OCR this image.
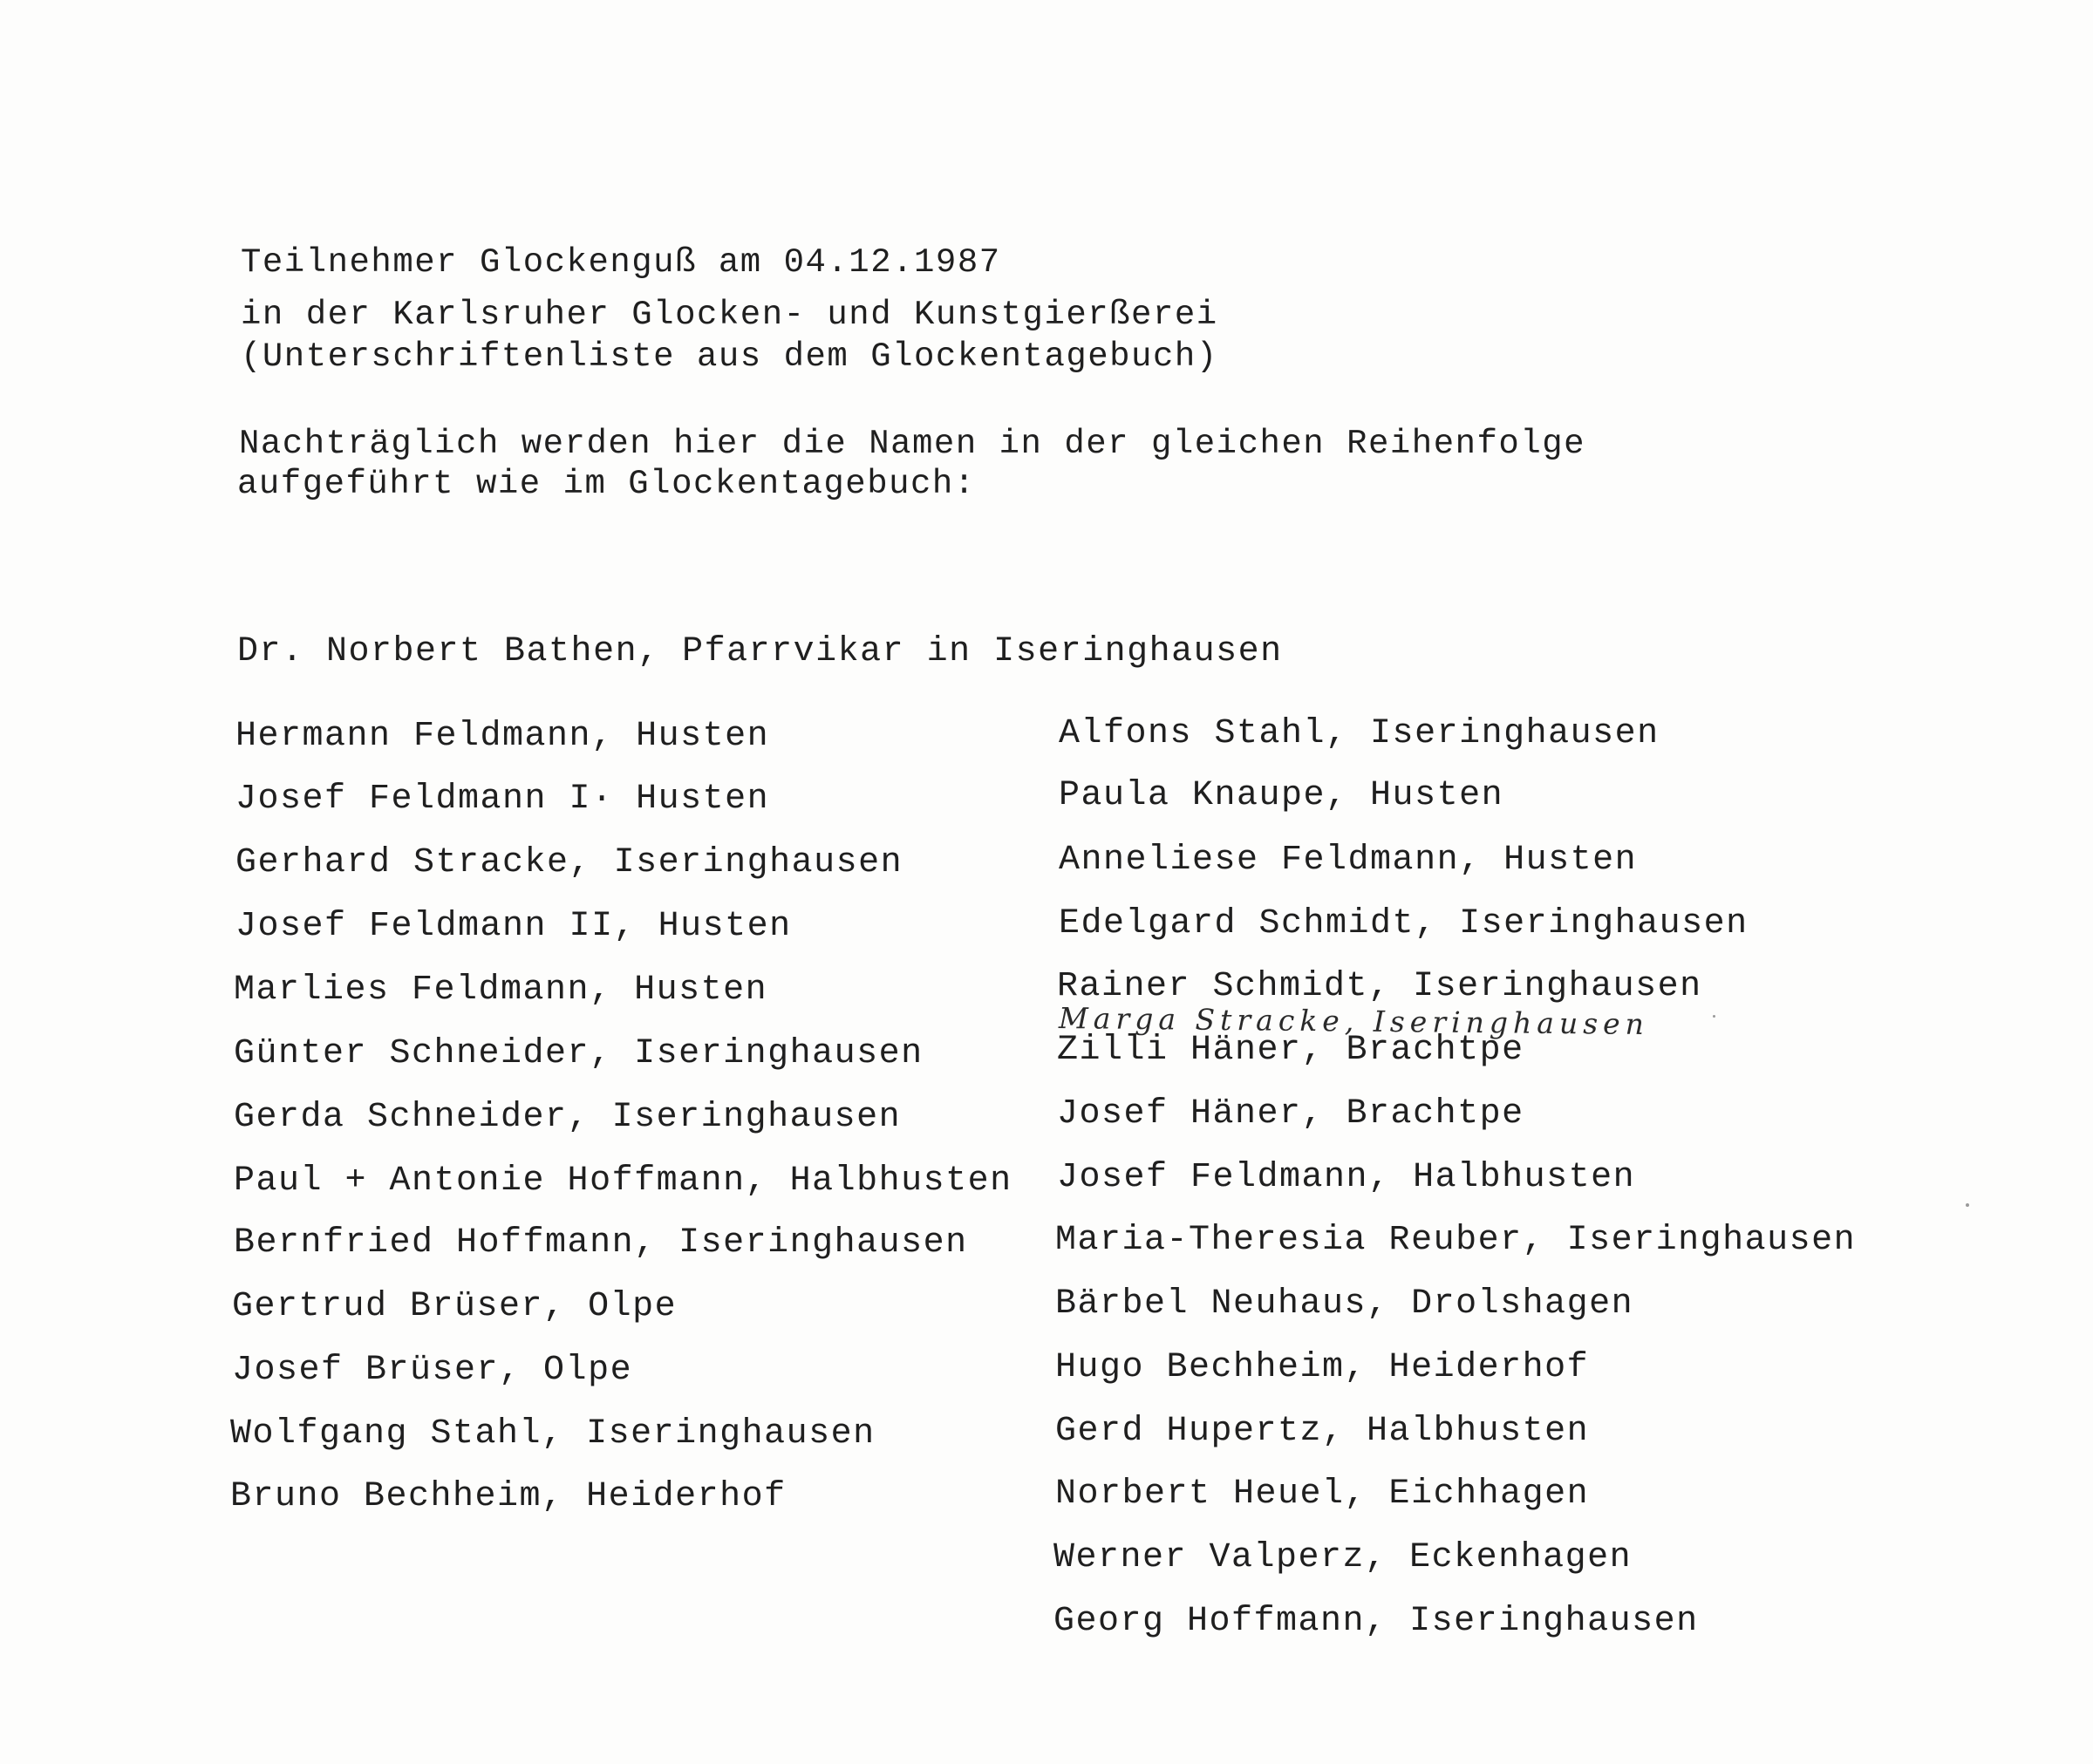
Teilnehmer Glockenguß am 04.12.1987
in der Karlsruher Glocken- und Kunstgierßerei
(Unterschriftenliste aus dem Glockentagebuch)
Nachträglich werden hier die Namen in der gleichen Reihenfolge
aufgeführt wie im Glockentagebuch:
Dr. Norbert Bathen, Pfarrvikar in Iseringhausen
Hermann Feldmann, Husten
Josef Feldmann I· Husten
Gerhard Stracke, Iseringhausen
Josef Feldmann II, Husten
Marlies Feldmann, Husten
Günter Schneider, Iseringhausen
Gerda Schneider, Iseringhausen
Paul + Antonie Hoffmann, Halbhusten
Bernfried Hoffmann, Iseringhausen
Gertrud Brüser, Olpe
Josef Brüser, Olpe
Wolfgang Stahl, Iseringhausen
Bruno Bechheim, Heiderhof
Alfons Stahl, Iseringhausen
Paula Knaupe, Husten
Anneliese Feldmann, Husten
Edelgard Schmidt, Iseringhausen
Rainer Schmidt, Iseringhausen
Zilli Häner, Brachtpe
Josef Häner, Brachtpe
Josef Feldmann, Halbhusten
Maria-Theresia Reuber, Iseringhausen
Bärbel Neuhaus, Drolshagen
Hugo Bechheim, Heiderhof
Gerd Hupertz, Halbhusten
Norbert Heuel, Eichhagen
Werner Valperz, Eckenhagen
Georg Hoffmann, Iseringhausen
Marga Stracke, Iseringhausen
